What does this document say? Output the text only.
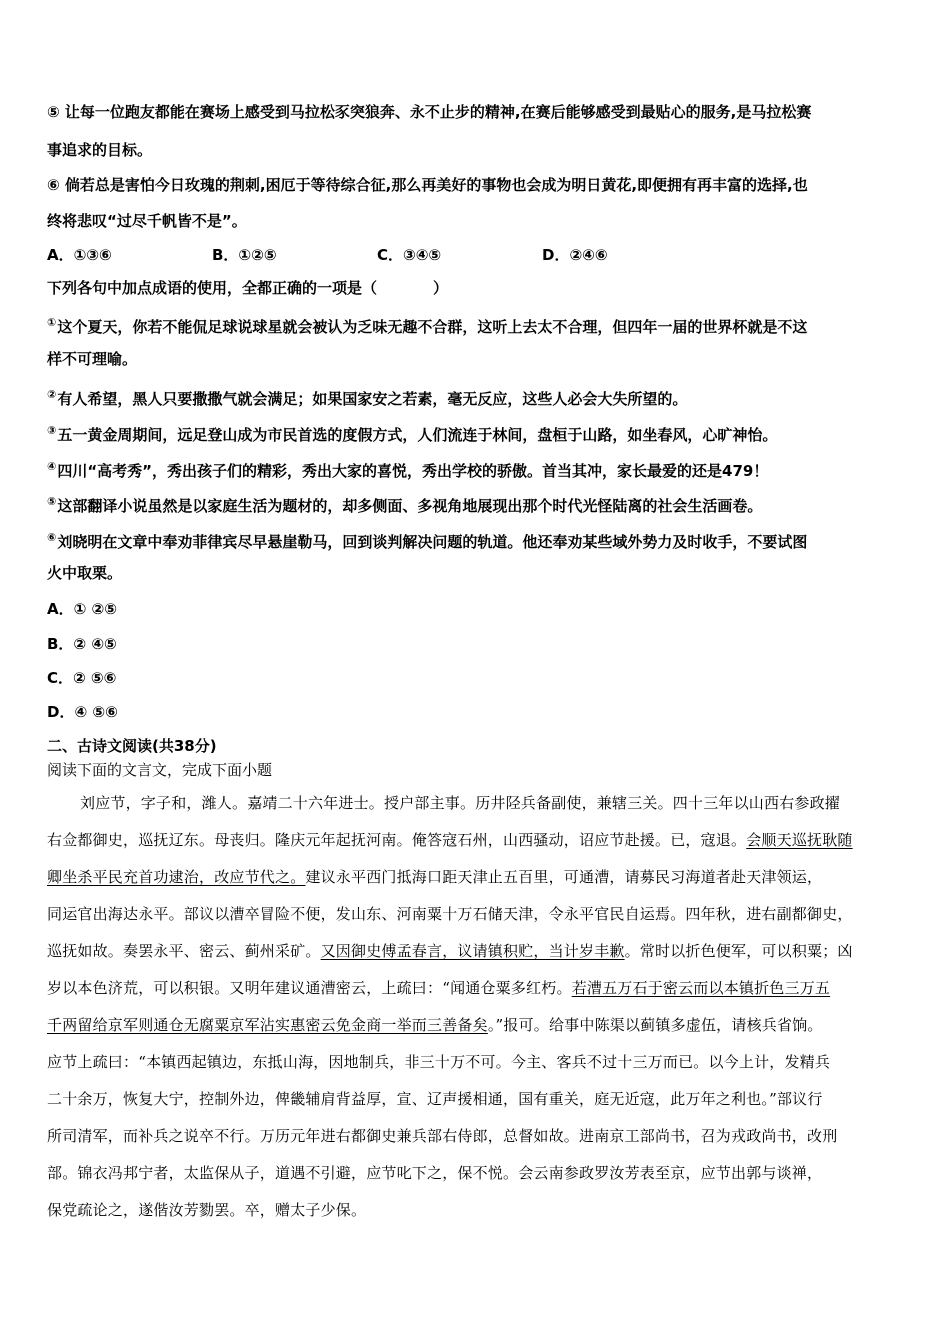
⑤ 让每一位跑友都能在赛场上感受到马拉松豕突狼奔、永不止步的精神,在赛后能够感受到最贴心的服务,是马拉松赛
事追求的目标。
⑥ 倘若总是害怕今日玫瑰的荆刺,困厄于等待综合征,那么再美好的事物也会成为明日黄花,即便拥有再丰富的选择,也
终将悲叹“过尽千帆皆不是”。
A．①③⑥	B．①②⑤	C．③④⑤	D．②④⑥
下列各句中加点成语的使用，全都正确的一项是（	）
①这个夏天，你若不能侃足球说球星就会被认为乏味无趣不合群，这听上去太不合理，但四年一届的世界杯就是不这
样不可理喻。
②有人希望，黑人只要撒撒气就会满足；如果国家安之若素，毫无反应，这些人必会大失所望的。
③五一黄金周期间，远足登山成为市民首选的度假方式，人们流连于林间，盘桓于山路，如坐春风，心旷神怡。
④四川“高考秀”，秀出孩子们的精彩，秀出大家的喜悦，秀出学校的骄傲。首当其冲，家长最爱的还是479！
⑤这部翻译小说虽然是以家庭生活为题材的，却多侧面、多视角地展现出那个时代光怪陆离的社会生活画卷。
⑥刘晓明在文章中奉劝菲律宾尽早悬崖勒马，回到谈判解决问题的轨道。他还奉劝某些域外势力及时收手，不要试图
火中取栗。
A．① ②⑤
B．② ④⑤
C．② ⑤⑥
D．④ ⑤⑥
二、古诗文阅读(共38分)
阅读下面的文言文，完成下面小题
刘应节，字子和，潍人。嘉靖二十六年进士。授户部主事。历井陉兵备副使，兼辖三关。四十三年以山西右参政擢
右佥都御史，巡抚辽东。母丧归。隆庆元年起抚河南。俺答寇石州，山西骚动，诏应节赴援。已，寇退。会顺天巡抚耿随
卿坐杀平民充首功逮治，改应节代之。建议永平西门抵海口距天津止五百里，可通漕，请募民习海道者赴天津领运，
同运官出海达永平。部议以漕卒冒险不便，发山东、河南粟十万石储天津，令永平官民自运焉。四年秋，进右副都御史，
巡抚如故。奏罢永平、密云、蓟州采矿。又因御史傅孟春言，议请镇积贮，当计岁丰歉。常时以折色便军，可以积粟；凶
岁以本色济荒，可以积银。又明年建议通漕密云，上疏曰：“闻通仓粟多红朽。若漕五万石于密云而以本镇折色三万五
千两留给京军则通仓无腐粟京军沾实惠密云免金商一举而三善备矣。”报可。给事中陈渠以蓟镇多虚伍，请核兵省饷。
应节上疏曰：“本镇西起镇边，东抵山海，因地制兵，非三十万不可。今主、客兵不过十三万而已。以今上计，发精兵
二十余万，恢复大宁，控制外边，俾畿辅肩背益厚，宣、辽声援相通，国有重关，庭无近寇，此万年之利也。”部议行
所司清军，而补兵之说卒不行。万历元年进右都御史兼兵部右侍郎，总督如故。进南京工部尚书，召为戎政尚书，改刑
部。锦衣冯邦宁者，太监保从子，道遇不引避，应节叱下之，保不悦。会云南参政罗汝芳表至京，应节出郭与谈禅，
保党疏论之，遂偕汝芳勠罢。卒，赠太子少保。
